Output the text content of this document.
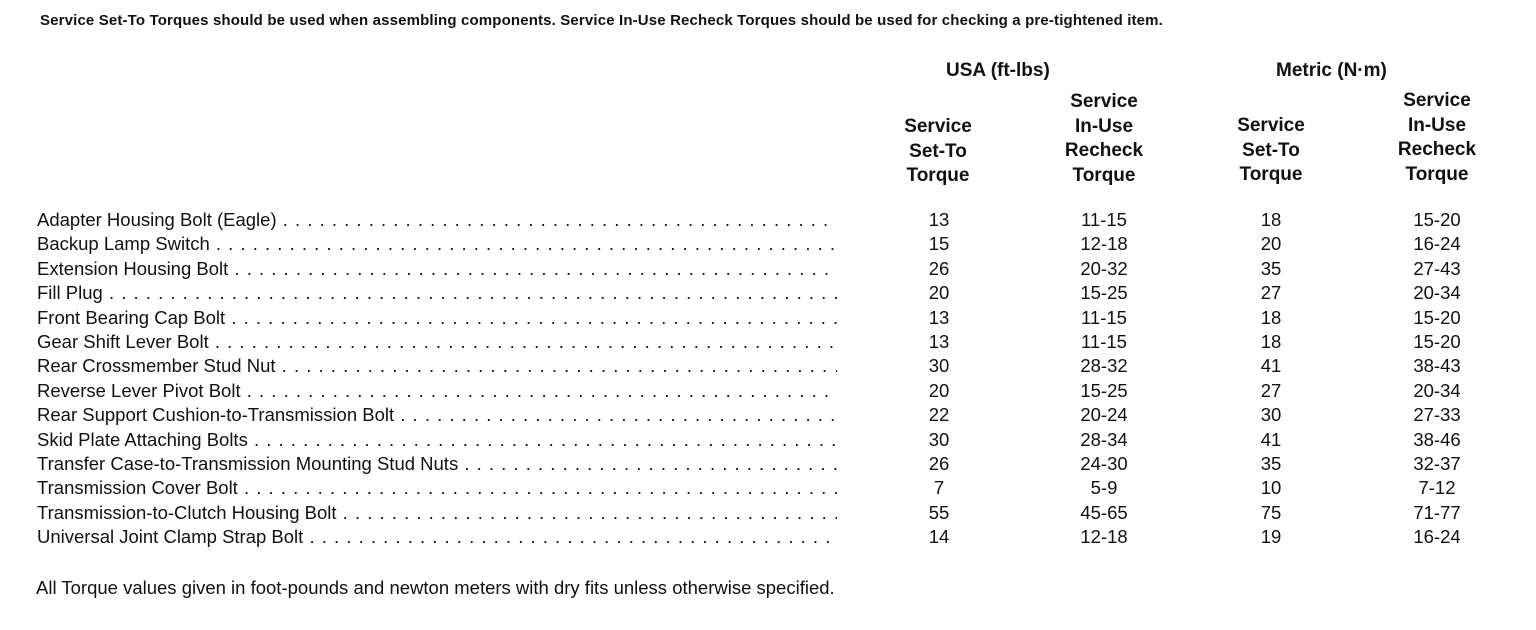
Service Set-To Torques should be used when assembling components. Service In-Use Recheck Torques should be used for checking a pre-tightened item.
USA (ft-lbs)	Metric (N·m)
Service
Set-To
Torque
Service
In-Use
Recheck
Torque
Service
Set-To
Torque
Service
In-Use
Recheck
Torque
Adapter Housing Bolt (Eagle) . . .	13	11-15	18	15-20
Backup Lamp Switch . . .	15	12-18	20	16-24
Extension Housing Bolt . . .	26	20-32	35	27-43
Fill Plug . . .	20	15-25	27	20-34
Front Bearing Cap Bolt . . .	13	11-15	18	15-20
Gear Shift Lever Bolt . . .	13	11-15	18	15-20
Rear Crossmember Stud Nut . . .	30	28-32	41	38-43
Reverse Lever Pivot Bolt . . .	20	15-25	27	20-34
Rear Support Cushion-to-Transmission Bolt . . .	22	20-24	30	27-33
Skid Plate Attaching Bolts . . .	30	28-34	41	38-46
Transfer Case-to-Transmission Mounting Stud Nuts . . .	26	24-30	35	32-37
Transmission Cover Bolt . . .	7	5-9	10	7-12
Transmission-to-Clutch Housing Bolt . . .	55	45-65	75	71-77
Universal Joint Clamp Strap Bolt . . .	14	12-18	19	16-24
All Torque values given in foot-pounds and newton meters with dry fits unless otherwise specified.
